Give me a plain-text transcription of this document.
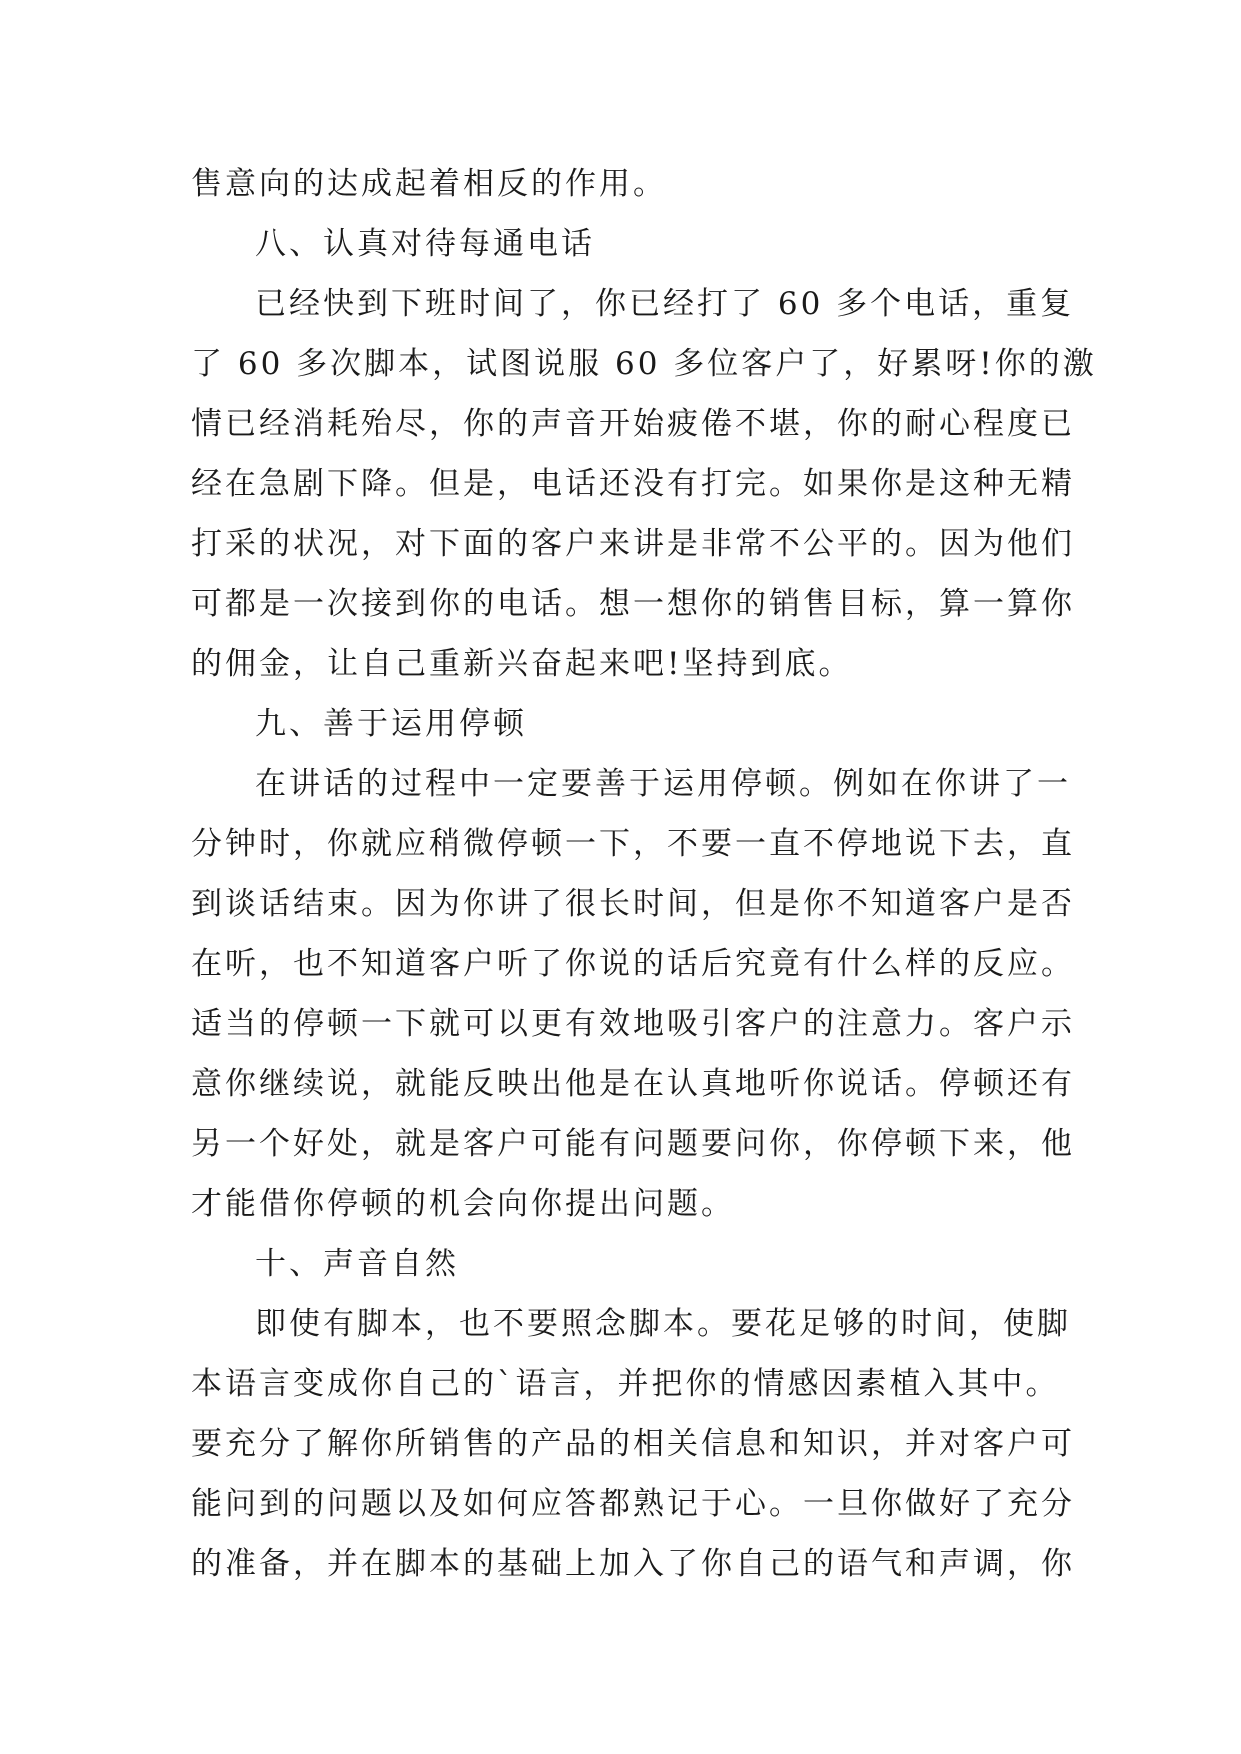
售意向的达成起着相反的作用。
八、认真对待每通电话
已经快到下班时间了，你已经打了 60 多个电话，重复
了 60 多次脚本，试图说服 60 多位客户了，好累呀!你的激
情已经消耗殆尽，你的声音开始疲倦不堪，你的耐心程度已
经在急剧下降。但是，电话还没有打完。如果你是这种无精
打采的状况，对下面的客户来讲是非常不公平的。因为他们
可都是一次接到你的电话。想一想你的销售目标，算一算你
的佣金，让自己重新兴奋起来吧!坚持到底。
九、善于运用停顿
在讲话的过程中一定要善于运用停顿。例如在你讲了一
分钟时，你就应稍微停顿一下，不要一直不停地说下去，直
到谈话结束。因为你讲了很长时间，但是你不知道客户是否
在听，也不知道客户听了你说的话后究竟有什么样的反应。
适当的停顿一下就可以更有效地吸引客户的注意力。客户示
意你继续说，就能反映出他是在认真地听你说话。停顿还有
另一个好处，就是客户可能有问题要问你，你停顿下来，他
才能借你停顿的机会向你提出问题。
十、声音自然
即使有脚本，也不要照念脚本。要花足够的时间，使脚
本语言变成你自己的`语言，并把你的情感因素植入其中。
要充分了解你所销售的产品的相关信息和知识，并对客户可
能问到的问题以及如何应答都熟记于心。一旦你做好了充分
的准备，并在脚本的基础上加入了你自己的语气和声调，你
